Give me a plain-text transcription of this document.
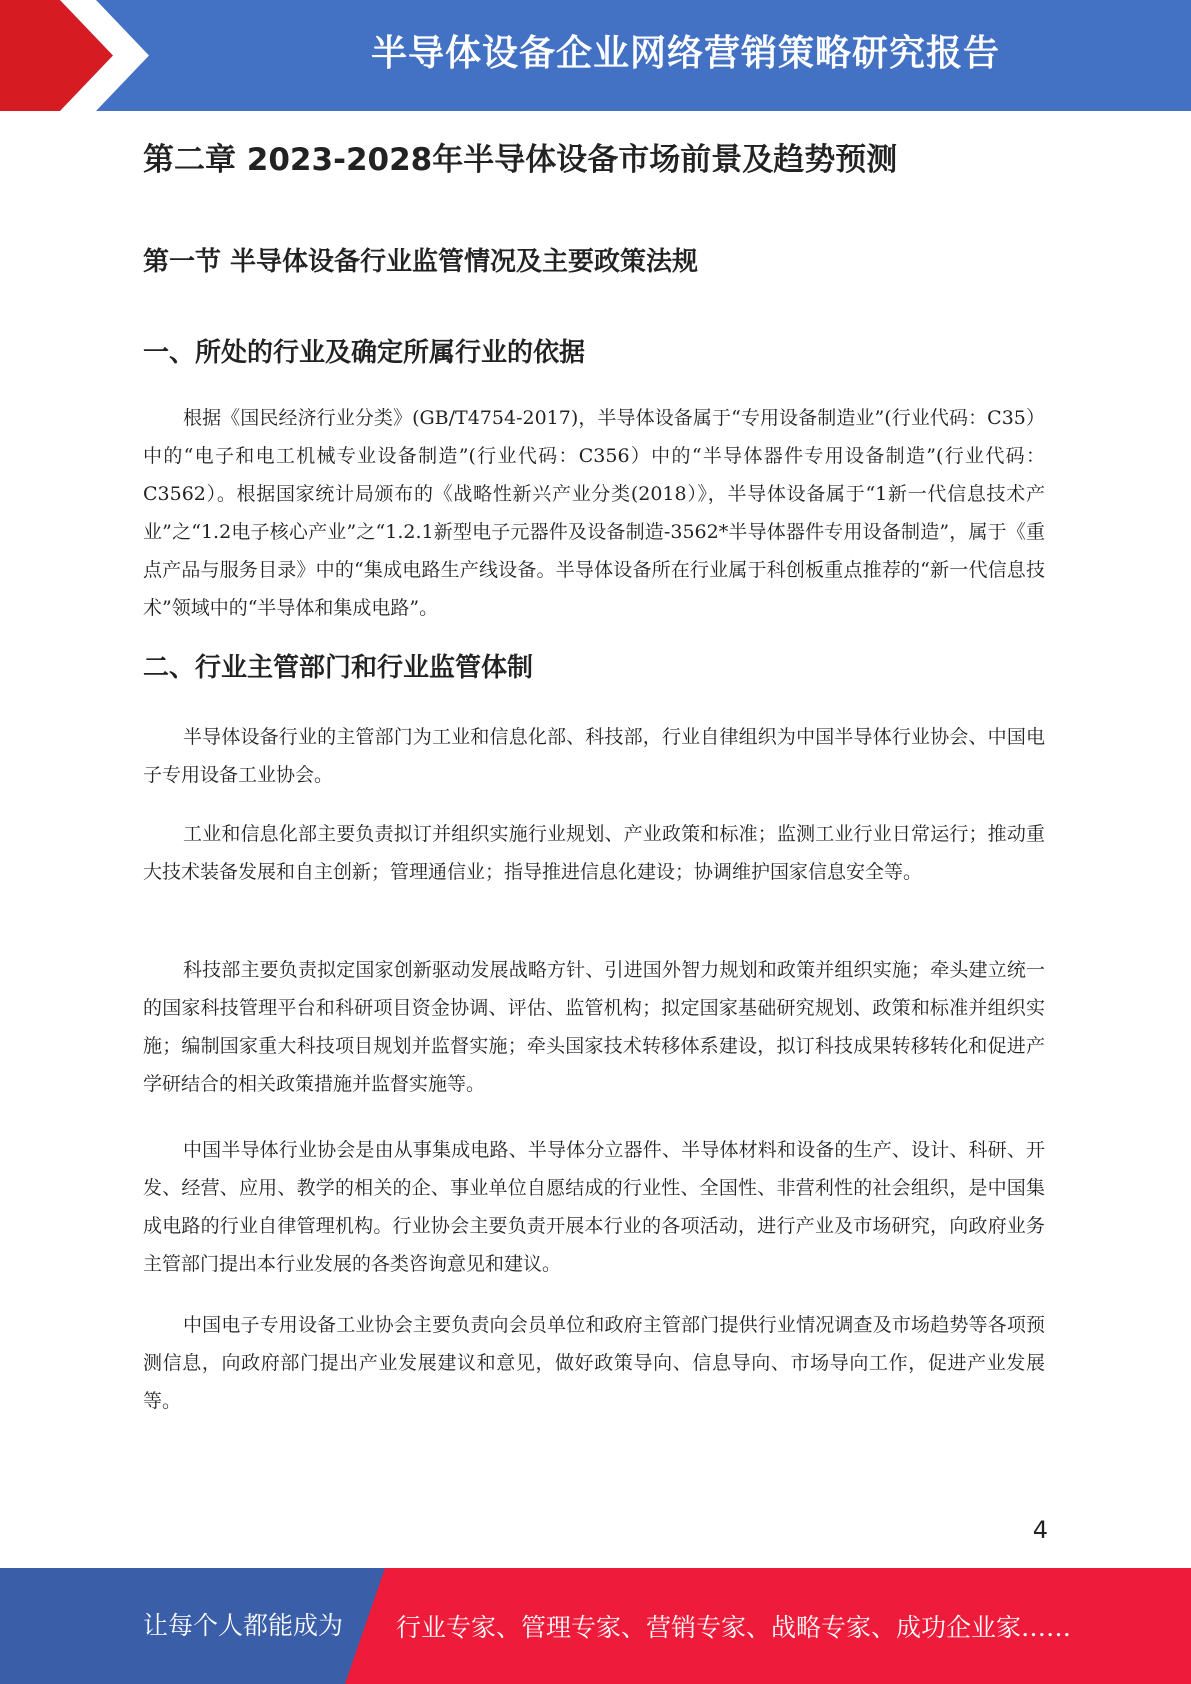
半导体设备企业网络营销策略研究报告
第二章 2023-2028年半导体设备市场前景及趋势预测
第一节 半导体设备行业监管情况及主要政策法规
一、所处的行业及确定所属行业的依据

根据《国民经济行业分类》(GB/T4754-2017)，半导体设备属于“专用设备制造业”(行业代码：C35）中的“电子和电工机械专业设备制造”(行业代码：C356）中的“半导体器件专用设备制造”(行业代码：C3562）。根据国家统计局颁布的《战略性新兴产业分类(2018）》，半导体设备属于“1新一代信息技术产业”之“1.2电子核心产业”之“1.2.1新型电子元器件及设备制造-3562*半导体器件专用设备制造”，属于《重点产品与服务目录》中的“集成电路生产线设备。半导体设备所在行业属于科创板重点推荐的“新一代信息技术”领域中的“半导体和集成电路”。

二、行业主管部门和行业监管体制

半导体设备行业的主管部门为工业和信息化部、科技部，行业自律组织为中国半导体行业协会、中国电子专用设备工业协会。

工业和信息化部主要负责拟订并组织实施行业规划、产业政策和标准；监测工业行业日常运行；推动重大技术装备发展和自主创新；管理通信业；指导推进信息化建设；协调维护国家信息安全等。

科技部主要负责拟定国家创新驱动发展战略方针、引进国外智力规划和政策并组织实施；牵头建立统一的国家科技管理平台和科研项目资金协调、评估、监管机构；拟定国家基础研究规划、政策和标准并组织实施；编制国家重大科技项目规划并监督实施；牵头国家技术转移体系建设，拟订科技成果转移转化和促进产学研结合的相关政策措施并监督实施等。

中国半导体行业协会是由从事集成电路、半导体分立器件、半导体材料和设备的生产、设计、科研、开发、经营、应用、教学的相关的企、事业单位自愿结成的行业性、全国性、非营利性的社会组织，是中国集成电路的行业自律管理机构。行业协会主要负责开展本行业的各项活动，进行产业及市场研究，向政府业务主管部门提出本行业发展的各类咨询意见和建议。

中国电子专用设备工业协会主要负责向会员单位和政府主管部门提供行业情况调查及市场趋势等各项预测信息，向政府部门提出产业发展建议和意见，做好政策导向、信息导向、市场导向工作，促进产业发展等。

4
让每个人都能成为 行业专家、管理专家、营销专家、战略专家、成功企业家……
